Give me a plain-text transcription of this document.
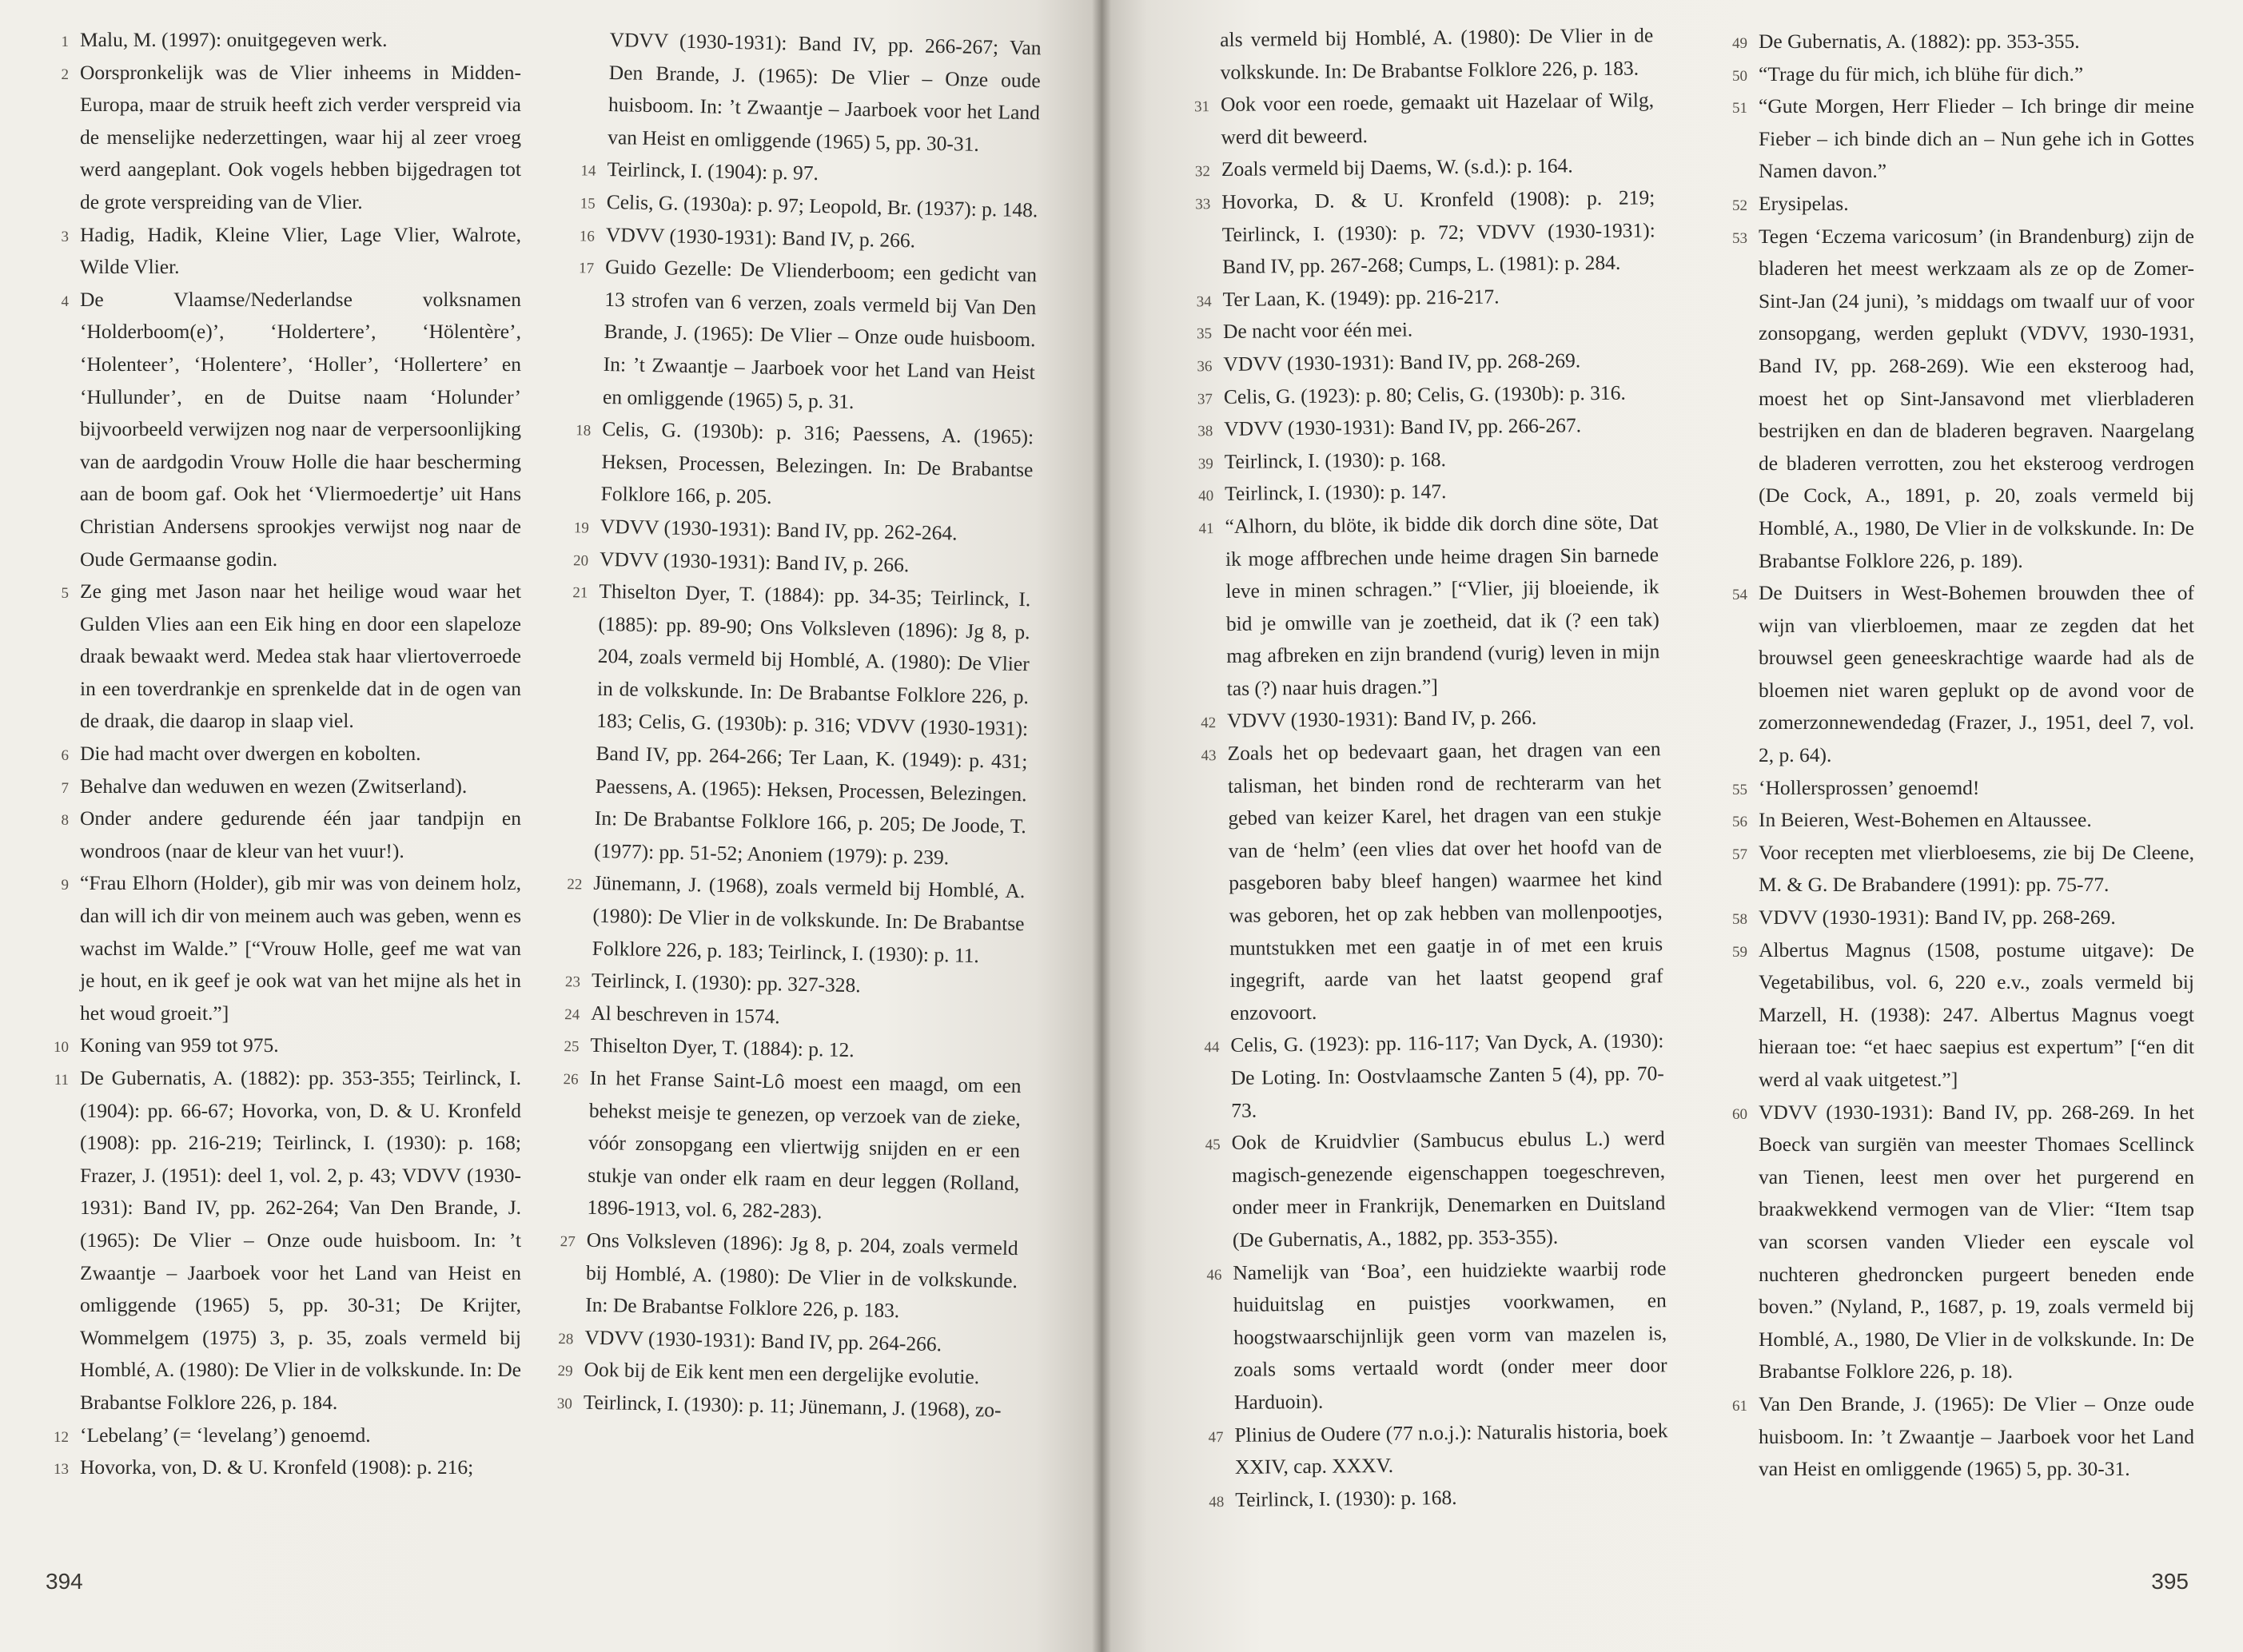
1 Malu, M. (1997): onuitgegeven werk.
2 Oorspronkelijk was de Vlier inheems in Midden-Europa, maar de struik heeft zich verder verspreid via de menselijke nederzettingen, waar hij al zeer vroeg werd aangeplant. Ook vogels hebben bijgedragen tot de grote verspreiding van de Vlier.
3 Hadig, Hadik, Kleine Vlier, Lage Vlier, Walrote, Wilde Vlier.
4 De Vlaamse/Nederlandse volksnamen ‘Holderboom(e)’, ‘Holdertere’, ‘Hölentère’, ‘Holenteer’, ‘Holentere’, ‘Holler’, ‘Hollertere’ en ‘Hullunder’, en de Duitse naam ‘Holunder’ bijvoorbeeld verwijzen nog naar de verpersoonlijking van de aardgodin Vrouw Holle die haar bescherming aan de boom gaf. Ook het ‘Vliermoedertje’ uit Hans Christian Andersens sprookjes verwijst nog naar de Oude Germaanse godin.
5 Ze ging met Jason naar het heilige woud waar het Gulden Vlies aan een Eik hing en door een slapeloze draak bewaakt werd. Medea stak haar vliertoverroede in een toverdrankje en sprenkelde dat in de ogen van de draak, die daarop in slaap viel.
6 Die had macht over dwergen en kobolten.
7 Behalve dan weduwen en wezen (Zwitserland).
8 Onder andere gedurende één jaar tandpijn en wondroos (naar de kleur van het vuur!).
9 “Frau Elhorn (Holder), gib mir was von deinem holz, dan will ich dir von meinem auch was geben, wenn es wachst im Walde.” [“Vrouw Holle, geef me wat van je hout, en ik geef je ook wat van het mijne als het in het woud groeit.”]
10 Koning van 959 tot 975.
11 De Gubernatis, A. (1882): pp. 353-355; Teirlinck, I. (1904): pp. 66-67; Hovorka, von, D. & U. Kronfeld (1908): pp. 216-219; Teirlinck, I. (1930): p. 168; Frazer, J. (1951): deel 1, vol. 2, p. 43; VDVV (1930-1931): Band IV, pp. 262-264; Van Den Brande, J. (1965): De Vlier – Onze oude huisboom. In: ’t Zwaantje – Jaarboek voor het Land van Heist en omliggende (1965) 5, pp. 30-31; De Krijter, Wommelgem (1975) 3, p. 35, zoals vermeld bij Homblé, A. (1980): De Vlier in de volkskunde. In: De Brabantse Folklore 226, p. 184.
12 ‘Lebelang’ (= ‘levelang’) genoemd.
13 Hovorka, von, D. & U. Kronfeld (1908): p. 216;
VDVV (1930-1931): Band IV, pp. 266-267; Van Den Brande, J. (1965): De Vlier – Onze oude huisboom. In: ’t Zwaantje – Jaarboek voor het Land van Heist en omliggende (1965) 5, pp. 30-31.
14 Teirlinck, I. (1904): p. 97.
15 Celis, G. (1930a): p. 97; Leopold, Br. (1937): p. 148.
16 VDVV (1930-1931): Band IV, p. 266.
17 Guido Gezelle: De Vlienderboom; een gedicht van 13 strofen van 6 verzen, zoals vermeld bij Van Den Brande, J. (1965): De Vlier – Onze oude huisboom. In: ’t Zwaantje – Jaarboek voor het Land van Heist en omliggende (1965) 5, p. 31.
18 Celis, G. (1930b): p. 316; Paessens, A. (1965): Heksen, Processen, Belezingen. In: De Brabantse Folklore 166, p. 205.
19 VDVV (1930-1931): Band IV, pp. 262-264.
20 VDVV (1930-1931): Band IV, p. 266.
21 Thiselton Dyer, T. (1884): pp. 34-35; Teirlinck, I. (1885): pp. 89-90; Ons Volksleven (1896): Jg 8, p. 204, zoals vermeld bij Homblé, A. (1980): De Vlier in de volkskunde. In: De Brabantse Folklore 226, p. 183; Celis, G. (1930b): p. 316; VDVV (1930-1931): Band IV, pp. 264-266; Ter Laan, K. (1949): p. 431; Paessens, A. (1965): Heksen, Processen, Belezingen. In: De Brabantse Folklore 166, p. 205; De Joode, T. (1977): pp. 51-52; Anoniem (1979): p. 239.
22 Jünemann, J. (1968), zoals vermeld bij Homblé, A. (1980): De Vlier in de volkskunde. In: De Brabantse Folklore 226, p. 183; Teirlinck, I. (1930): p. 11.
23 Teirlinck, I. (1930): pp. 327-328.
24 Al beschreven in 1574.
25 Thiselton Dyer, T. (1884): p. 12.
26 In het Franse Saint-Lô moest een maagd, om een behekst meisje te genezen, op verzoek van de zieke, vóór zonsopgang een vliertwijg snijden en er een stukje van onder elk raam en deur leggen (Rolland, 1896-1913, vol. 6, 282-283).
27 Ons Volksleven (1896): Jg 8, p. 204, zoals vermeld bij Homblé, A. (1980): De Vlier in de volkskunde. In: De Brabantse Folklore 226, p. 183.
28 VDVV (1930-1931): Band IV, pp. 264-266.
29 Ook bij de Eik kent men een dergelijke evolutie.
30 Teirlinck, I. (1930): p. 11; Jünemann, J. (1968), zo-
394
als vermeld bij Homblé, A. (1980): De Vlier in de volkskunde. In: De Brabantse Folklore 226, p. 183.
31 Ook voor een roede, gemaakt uit Hazelaar of Wilg, werd dit beweerd.
32 Zoals vermeld bij Daems, W. (s.d.): p. 164.
33 Hovorka, D. & U. Kronfeld (1908): p. 219; Teirlinck, I. (1930): p. 72; VDVV (1930-1931): Band IV, pp. 267-268; Cumps, L. (1981): p. 284.
34 Ter Laan, K. (1949): pp. 216-217.
35 De nacht voor één mei.
36 VDVV (1930-1931): Band IV, pp. 268-269.
37 Celis, G. (1923): p. 80; Celis, G. (1930b): p. 316.
38 VDVV (1930-1931): Band IV, pp. 266-267.
39 Teirlinck, I. (1930): p. 168.
40 Teirlinck, I. (1930): p. 147.
41 “Alhorn, du blöte, ik bidde dik dorch dine söte, Dat ik moge affbrechen unde heime dragen Sin barnede leve in minen schragen.” [“Vlier, jij bloeiende, ik bid je omwille van je zoetheid, dat ik (? een tak) mag afbreken en zijn brandend (vurig) leven in mijn tas (?) naar huis dragen.”]
42 VDVV (1930-1931): Band IV, p. 266.
43 Zoals het op bedevaart gaan, het dragen van een talisman, het binden rond de rechterarm van het gebed van keizer Karel, het dragen van een stukje van de ‘helm’ (een vlies dat over het hoofd van de pasgeboren baby bleef hangen) waarmee het kind was geboren, het op zak hebben van mollenpootjes, muntstukken met een gaatje in of met een kruis ingegrift, aarde van het laatst geopend graf enzovoort.
44 Celis, G. (1923): pp. 116-117; Van Dyck, A. (1930): De Loting. In: Oostvlaamsche Zanten 5 (4), pp. 70-73.
45 Ook de Kruidvlier (Sambucus ebulus L.) werd magisch-genezende eigenschappen toegeschreven, onder meer in Frankrijk, Denemarken en Duitsland (De Gubernatis, A., 1882, pp. 353-355).
46 Namelijk van ‘Boa’, een huidziekte waarbij rode huiduitslag en puistjes voorkwamen, en hoogstwaarschijnlijk geen vorm van mazelen is, zoals soms vertaald wordt (onder meer door Harduoin).
47 Plinius de Oudere (77 n.o.j.): Naturalis historia, boek XXIV, cap. XXXV.
48 Teirlinck, I. (1930): p. 168.
49 De Gubernatis, A. (1882): pp. 353-355.
50 “Trage du für mich, ich blühe für dich.”
51 “Gute Morgen, Herr Flieder – Ich bringe dir meine Fieber – ich binde dich an – Nun gehe ich in Gottes Namen davon.”
52 Erysipelas.
53 Tegen ‘Eczema varicosum’ (in Brandenburg) zijn de bladeren het meest werkzaam als ze op de Zomer-Sint-Jan (24 juni), ’s middags om twaalf uur of voor zonsopgang, werden geplukt (VDVV, 1930-1931, Band IV, pp. 268-269). Wie een eksteroog had, moest het op Sint-Jansavond met vlierbladeren bestrijken en dan de bladeren begraven. Naargelang de bladeren verrotten, zou het eksteroog verdrogen (De Cock, A., 1891, p. 20, zoals vermeld bij Homblé, A., 1980, De Vlier in de volkskunde. In: De Brabantse Folklore 226, p. 189).
54 De Duitsers in West-Bohemen brouwden thee of wijn van vlierbloemen, maar ze zegden dat het brouwsel geen geneeskrachtige waarde had als de bloemen niet waren geplukt op de avond voor de zomerzonnewendedag (Frazer, J., 1951, deel 7, vol. 2, p. 64).
55 ‘Hollersprossen’ genoemd!
56 In Beieren, West-Bohemen en Altaussee.
57 Voor recepten met vlierbloesems, zie bij De Cleene, M. & G. De Brabandere (1991): pp. 75-77.
58 VDVV (1930-1931): Band IV, pp. 268-269.
59 Albertus Magnus (1508, postume uitgave): De Vegetabilibus, vol. 6, 220 e.v., zoals vermeld bij Marzell, H. (1938): 247. Albertus Magnus voegt hieraan toe: “et haec saepius est expertum” [“en dit werd al vaak uitgetest.”]
60 VDVV (1930-1931): Band IV, pp. 268-269. In het Boeck van surgiën van meester Thomaes Scellinck van Tienen, leest men over het purgerend en braakwekkend vermogen van de Vlier: “Item tsap van scorsen vanden Vlieder een eyscale vol nuchteren ghedroncken purgeert beneden ende boven.” (Nyland, P., 1687, p. 19, zoals vermeld bij Homblé, A., 1980, De Vlier in de volkskunde. In: De Brabantse Folklore 226, p. 18).
61 Van Den Brande, J. (1965): De Vlier – Onze oude huisboom. In: ’t Zwaantje – Jaarboek voor het Land van Heist en omliggende (1965) 5, pp. 30-31.
395
